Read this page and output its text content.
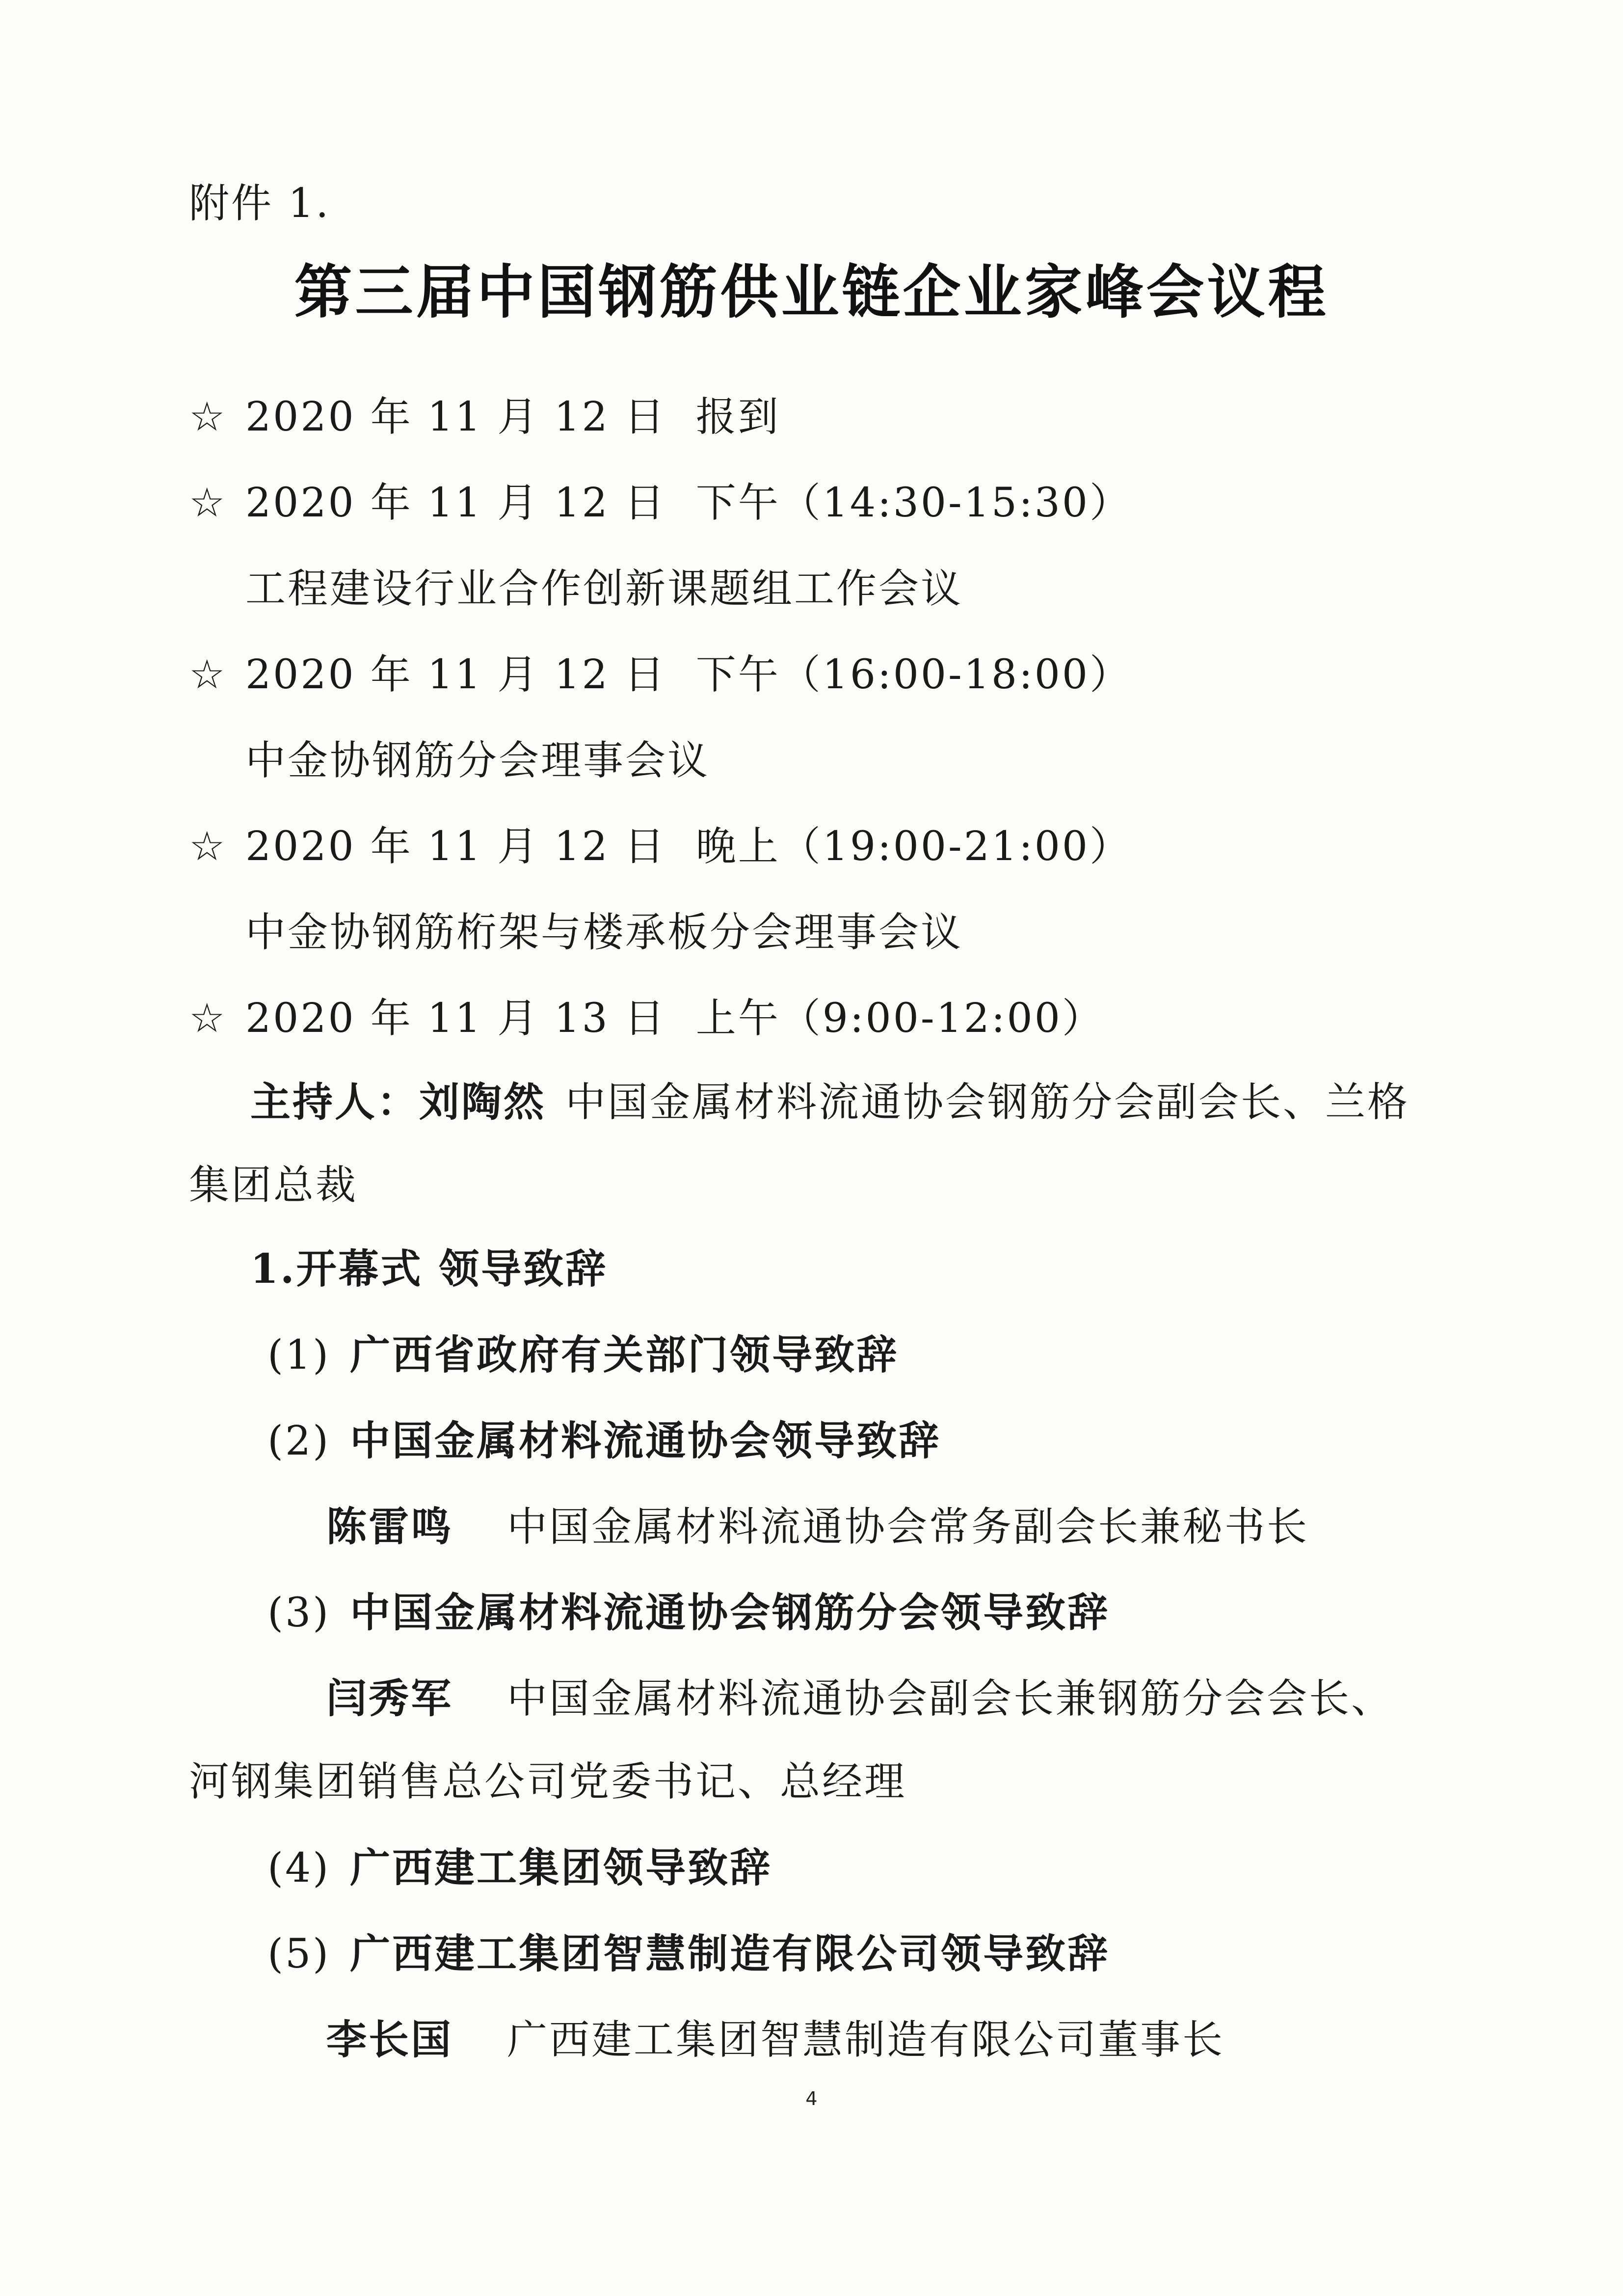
附件 1.
第三届中国钢筋供业链企业家峰会议程
☆ 2020 年 11 月 12 日 报到
☆ 2020 年 11 月 12 日 下午（14:30-15:30）
工程建设行业合作创新课题组工作会议
☆ 2020 年 11 月 12 日 下午（16:00-18:00）
中金协钢筋分会理事会议
☆ 2020 年 11 月 12 日 晚上（19:00-21:00）
中金协钢筋桁架与楼承板分会理事会议
☆ 2020 年 11 月 13 日 上午（9:00-12:00）
主持人：刘陶然 中国金属材料流通协会钢筋分会副会长、兰格
集团总裁
1.开幕式 领导致辞
(1) 广西省政府有关部门领导致辞
(2) 中国金属材料流通协会领导致辞
陈雷鸣 中国金属材料流通协会常务副会长兼秘书长
(3) 中国金属材料流通协会钢筋分会领导致辞
闫秀军 中国金属材料流通协会副会长兼钢筋分会会长、
河钢集团销售总公司党委书记、总经理
(4) 广西建工集团领导致辞
(5) 广西建工集团智慧制造有限公司领导致辞
李长国 广西建工集团智慧制造有限公司董事长
4
